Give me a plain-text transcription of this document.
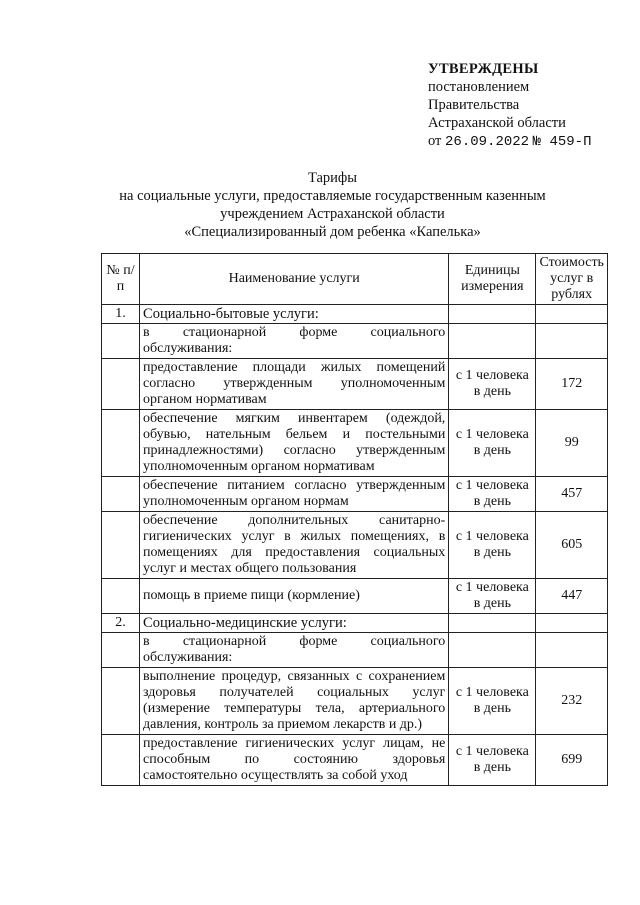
УТВЕРЖДЕНЫ
постановлением
Правительства
Астраханской области
от 26.09.2022 № 459-П
Тарифы
на социальные услуги, предоставляемые государственным казенным
учреждением Астраханской области
«Специализированный дом ребенка «Капелька»
№ п/п	Наименование услуги	Единицы измерения	Стоимость услуг в рублях
1.	Социально-бытовые услуги:		
	в стационарной форме социального обслуживания:		
	предоставление площади жилых помещений согласно утвержденным уполномоченным органом нормативам	с 1 человека в день	172
	обеспечение мягким инвентарем (одеждой, обувью, нательным бельем и постельными принадлежностями) согласно утвержденным уполномоченным органом нормативам	с 1 человека в день	99
	обеспечение питанием согласно утвержденным уполномоченным органом нормам	с 1 человека в день	457
	обеспечение дополнительных санитарно-гигиенических услуг в жилых помещениях, в помещениях для предоставления социальных услуг и местах общего пользования	с 1 человека в день	605
	помощь в приеме пищи (кормление)	с 1 человека в день	447
2.	Социально-медицинские услуги:		
	в стационарной форме социального обслуживания:		
	выполнение процедур, связанных с сохранением здоровья получателей социальных услуг (измерение температуры тела, артериального давления, контроль за приемом лекарств и др.)	с 1 человека в день	232
	предоставление гигиенических услуг лицам, не способным по состоянию здоровья самостоятельно осуществлять за собой уход	с 1 человека в день	699
